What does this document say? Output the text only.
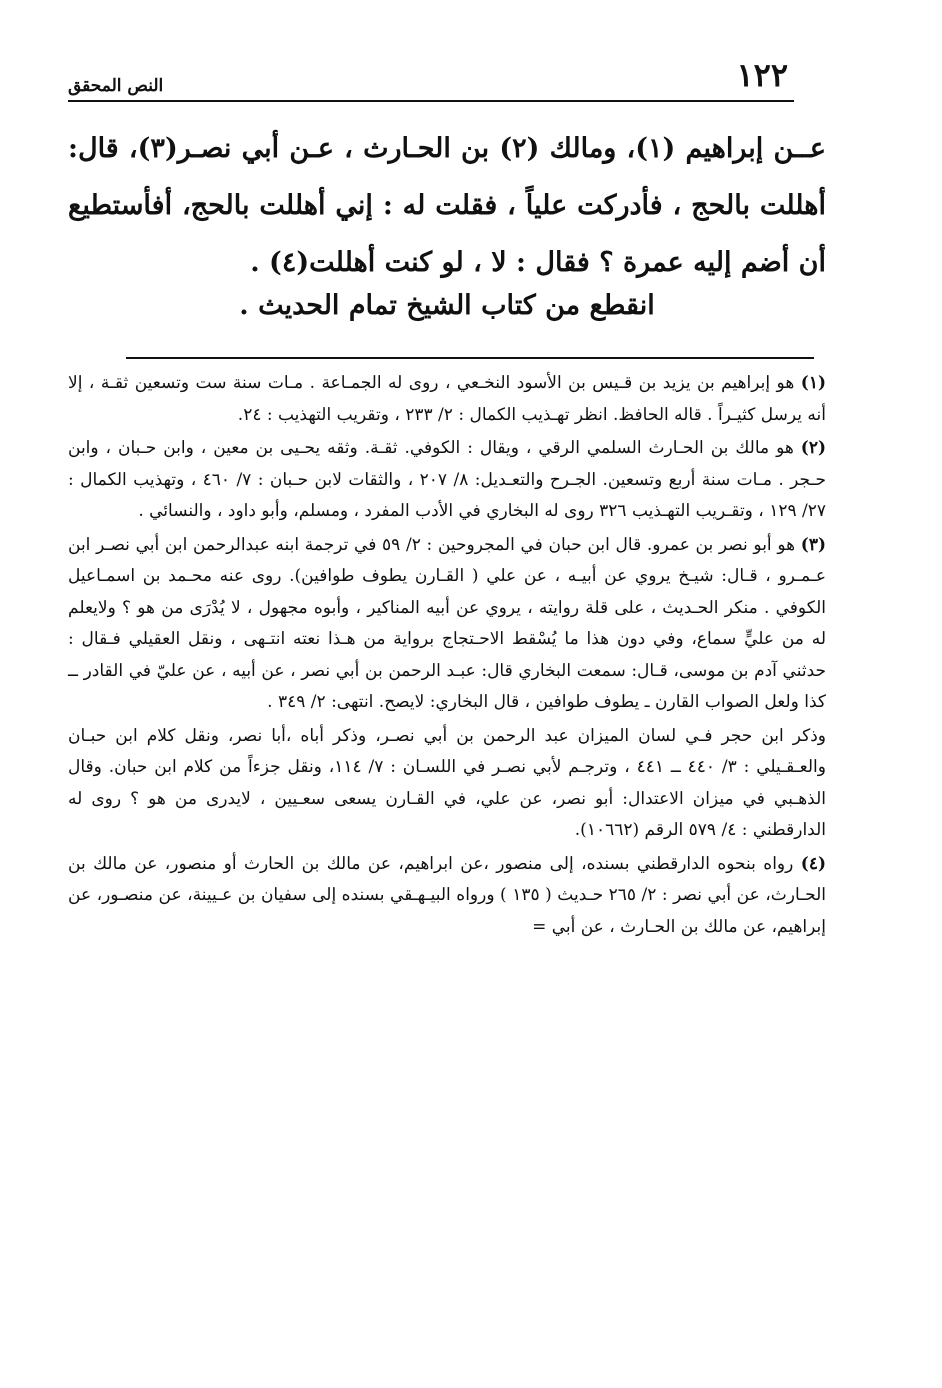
١٢٢
النص المحقق
عــن إبراهيم (١)، ومالك (٢) بن الحـارث ، عـن أبي نصـر(٣)، قال: أهللت بالحج ، فأدركت علياً ، فقلت له : إني أهللت بالحج، أفأستطيع أن أضم إليه عمرة ؟ فقال : لا ، لو كنت أهللت(٤) .
انقطع من كتاب الشيخ تمام الحديث .

(١) هو إبراهيم بن يزيد بن قـيس بن الأسود النخـعي ، روى له الجمـاعة . مـات سنة ست وتسعين ثقـة ، إلا أنه يرسل كثيـراً . قاله الحافظ. انظر تهـذيب الكمال : ٢/ ٢٣٣ ، وتقريب التهذيب : ٢٤.

(٢) هو مالك بن الحـارث السلمي الرقي ، ويقال : الكوفي. ثقـة. وثقه يحـيى بن معين ، وابن حـبان ، وابن حـجر . مـات سنة أربع وتسعين. الجـرح والتعـديل: ٨/ ٢٠٧ ، والثقات لابن حـبان : ٧/ ٤٦٠ ، وتهذيب الكمال : ٢٧/ ١٢٩ ، وتقـريب التهـذيب ٣٢٦ روى له البخاري في الأدب المفرد ، ومسلم، وأبو داود ، والنسائي .

(٣) هو أبو نصر بن عمرو. قال ابن حبان في المجروحين : ٢/ ٥٩ في ترجمة ابنه عبدالرحمن ابن أبي نصـر ابن عـمـرو ، قـال: شيـخ يروي عن أبيـه ، عن علي ( القـارن يطوف طوافين). روى عنه محـمد بن اسمـاعيل الكوفي . منكر الحـديث ، على قلة روايته ، يروي عن أبيه المناكير ، وأبوه مجهول ، لا يُدْرَى من هو ؟ ولايعلم له من عليٍّ سماع، وفي دون هذا ما يُسْقط الاحـتجاج برواية من هـذا نعته انتـهى ، ونقل العقيلي فـقال : حدثني آدم بن موسى، قـال: سمعت البخاري قال: عبـد الرحمن بن أبي نصر ، عن أبيه ، عن عليّ في القادر ــ كذا ولعل الصواب القارن ـ يطوف طوافين ، قال البخاري: لايصح. انتهى: ٢/ ٣٤٩ .

وذكر ابن حجر فـي لسان الميزان عبد الرحمن بن أبي نصـر، وذكر أباه ،أبا نصر، ونقل كلام ابن حبـان والعـقـيلي : ٣/ ٤٤٠ ــ ٤٤١ ، وترجـم لأبي نصـر في اللسـان : ٧/ ١١٤، ونقل جزءاً من كلام ابن حبان. وقال الذهـبي في ميزان الاعتدال: أبو نصر، عن علي، في القـارن يسعى سعـيين ، لايدرى من هو ؟ روى له الدارقطني : ٤/ ٥٧٩ الرقم (١٠٦٦٢).

(٤) رواه بنحوه الدارقطني بسنده، إلى منصور ،عن ابراهيم، عن مالك بن الحارث أو منصور، عن مالك بن الحـارث، عن أبي نصر : ٢/ ٢٦٥ حـديث ( ١٣٥ ) ورواه البيـهـقي بسنده إلى سفيان بن عـيينة، عن منصـور، عن إبراهيم، عن مالك بن الحـارث ، عن أبي =
